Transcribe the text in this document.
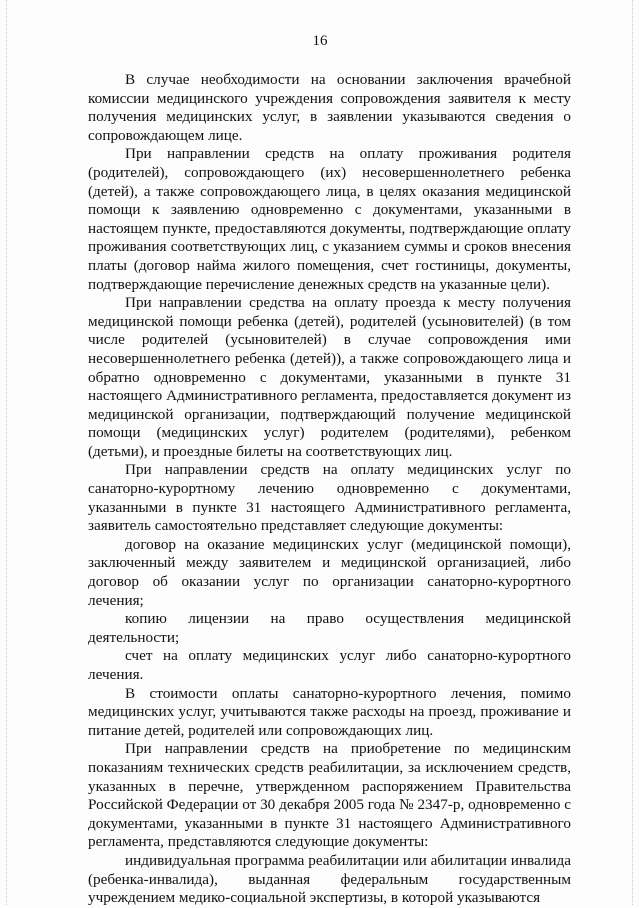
16

В случае необходимости на основании заключения врачебной комиссии медицинского учреждения сопровождения заявителя к месту получения медицинских услуг, в заявлении указываются сведения о сопровождающем лице.

При направлении средств на оплату проживания родителя (родителей), сопровождающего (их) несовершеннолетнего ребенка (детей), а также сопровождающего лица, в целях оказания медицинской помощи к заявлению одновременно с документами, указанными в настоящем пункте, предоставляются документы, подтверждающие оплату проживания соответствующих лиц, с указанием суммы и сроков внесения платы (договор найма жилого помещения, счет гостиницы, документы, подтверждающие перечисление денежных средств на указанные цели).

При направлении средства на оплату проезда к месту получения медицинской помощи ребенка (детей), родителей (усыновителей) (в том числе родителей (усыновителей) в случае сопровождения ими несовершеннолетнего ребенка (детей)), а также сопровождающего лица и обратно одновременно с документами, указанными в пункте 31 настоящего Административного регламента, предоставляется документ из медицинской организации, подтверждающий получение медицинской помощи (медицинских услуг) родителем (родителями), ребенком (детьми), и проездные билеты на соответствующих лиц.

При направлении средств на оплату медицинских услуг по санаторно-курортному лечению одновременно с документами, указанными в пункте 31 настоящего Административного регламента, заявитель самостоятельно представляет следующие документы:

договор на оказание медицинских услуг (медицинской помощи), заключенный между заявителем и медицинской организацией, либо договор об оказании услуг по организации санаторно-курортного лечения;

копию лицензии на право осуществления медицинской деятельности;

счет на оплату медицинских услуг либо санаторно-курортного лечения.

В стоимости оплаты санаторно-курортного лечения, помимо медицинских услуг, учитываются также расходы на проезд, проживание и питание детей, родителей или сопровождающих лиц.

При направлении средств на приобретение по медицинским показаниям технических средств реабилитации, за исключением средств, указанных в перечне, утвержденном распоряжением Правительства Российской Федерации от 30 декабря 2005 года № 2347-р, одновременно с документами, указанными в пункте 31 настоящего Административного регламента, представляются следующие документы:

индивидуальная программа реабилитации или абилитации инвалида (ребенка-инвалида), выданная федеральным государственным учреждением медико-социальной экспертизы, в которой указываются
